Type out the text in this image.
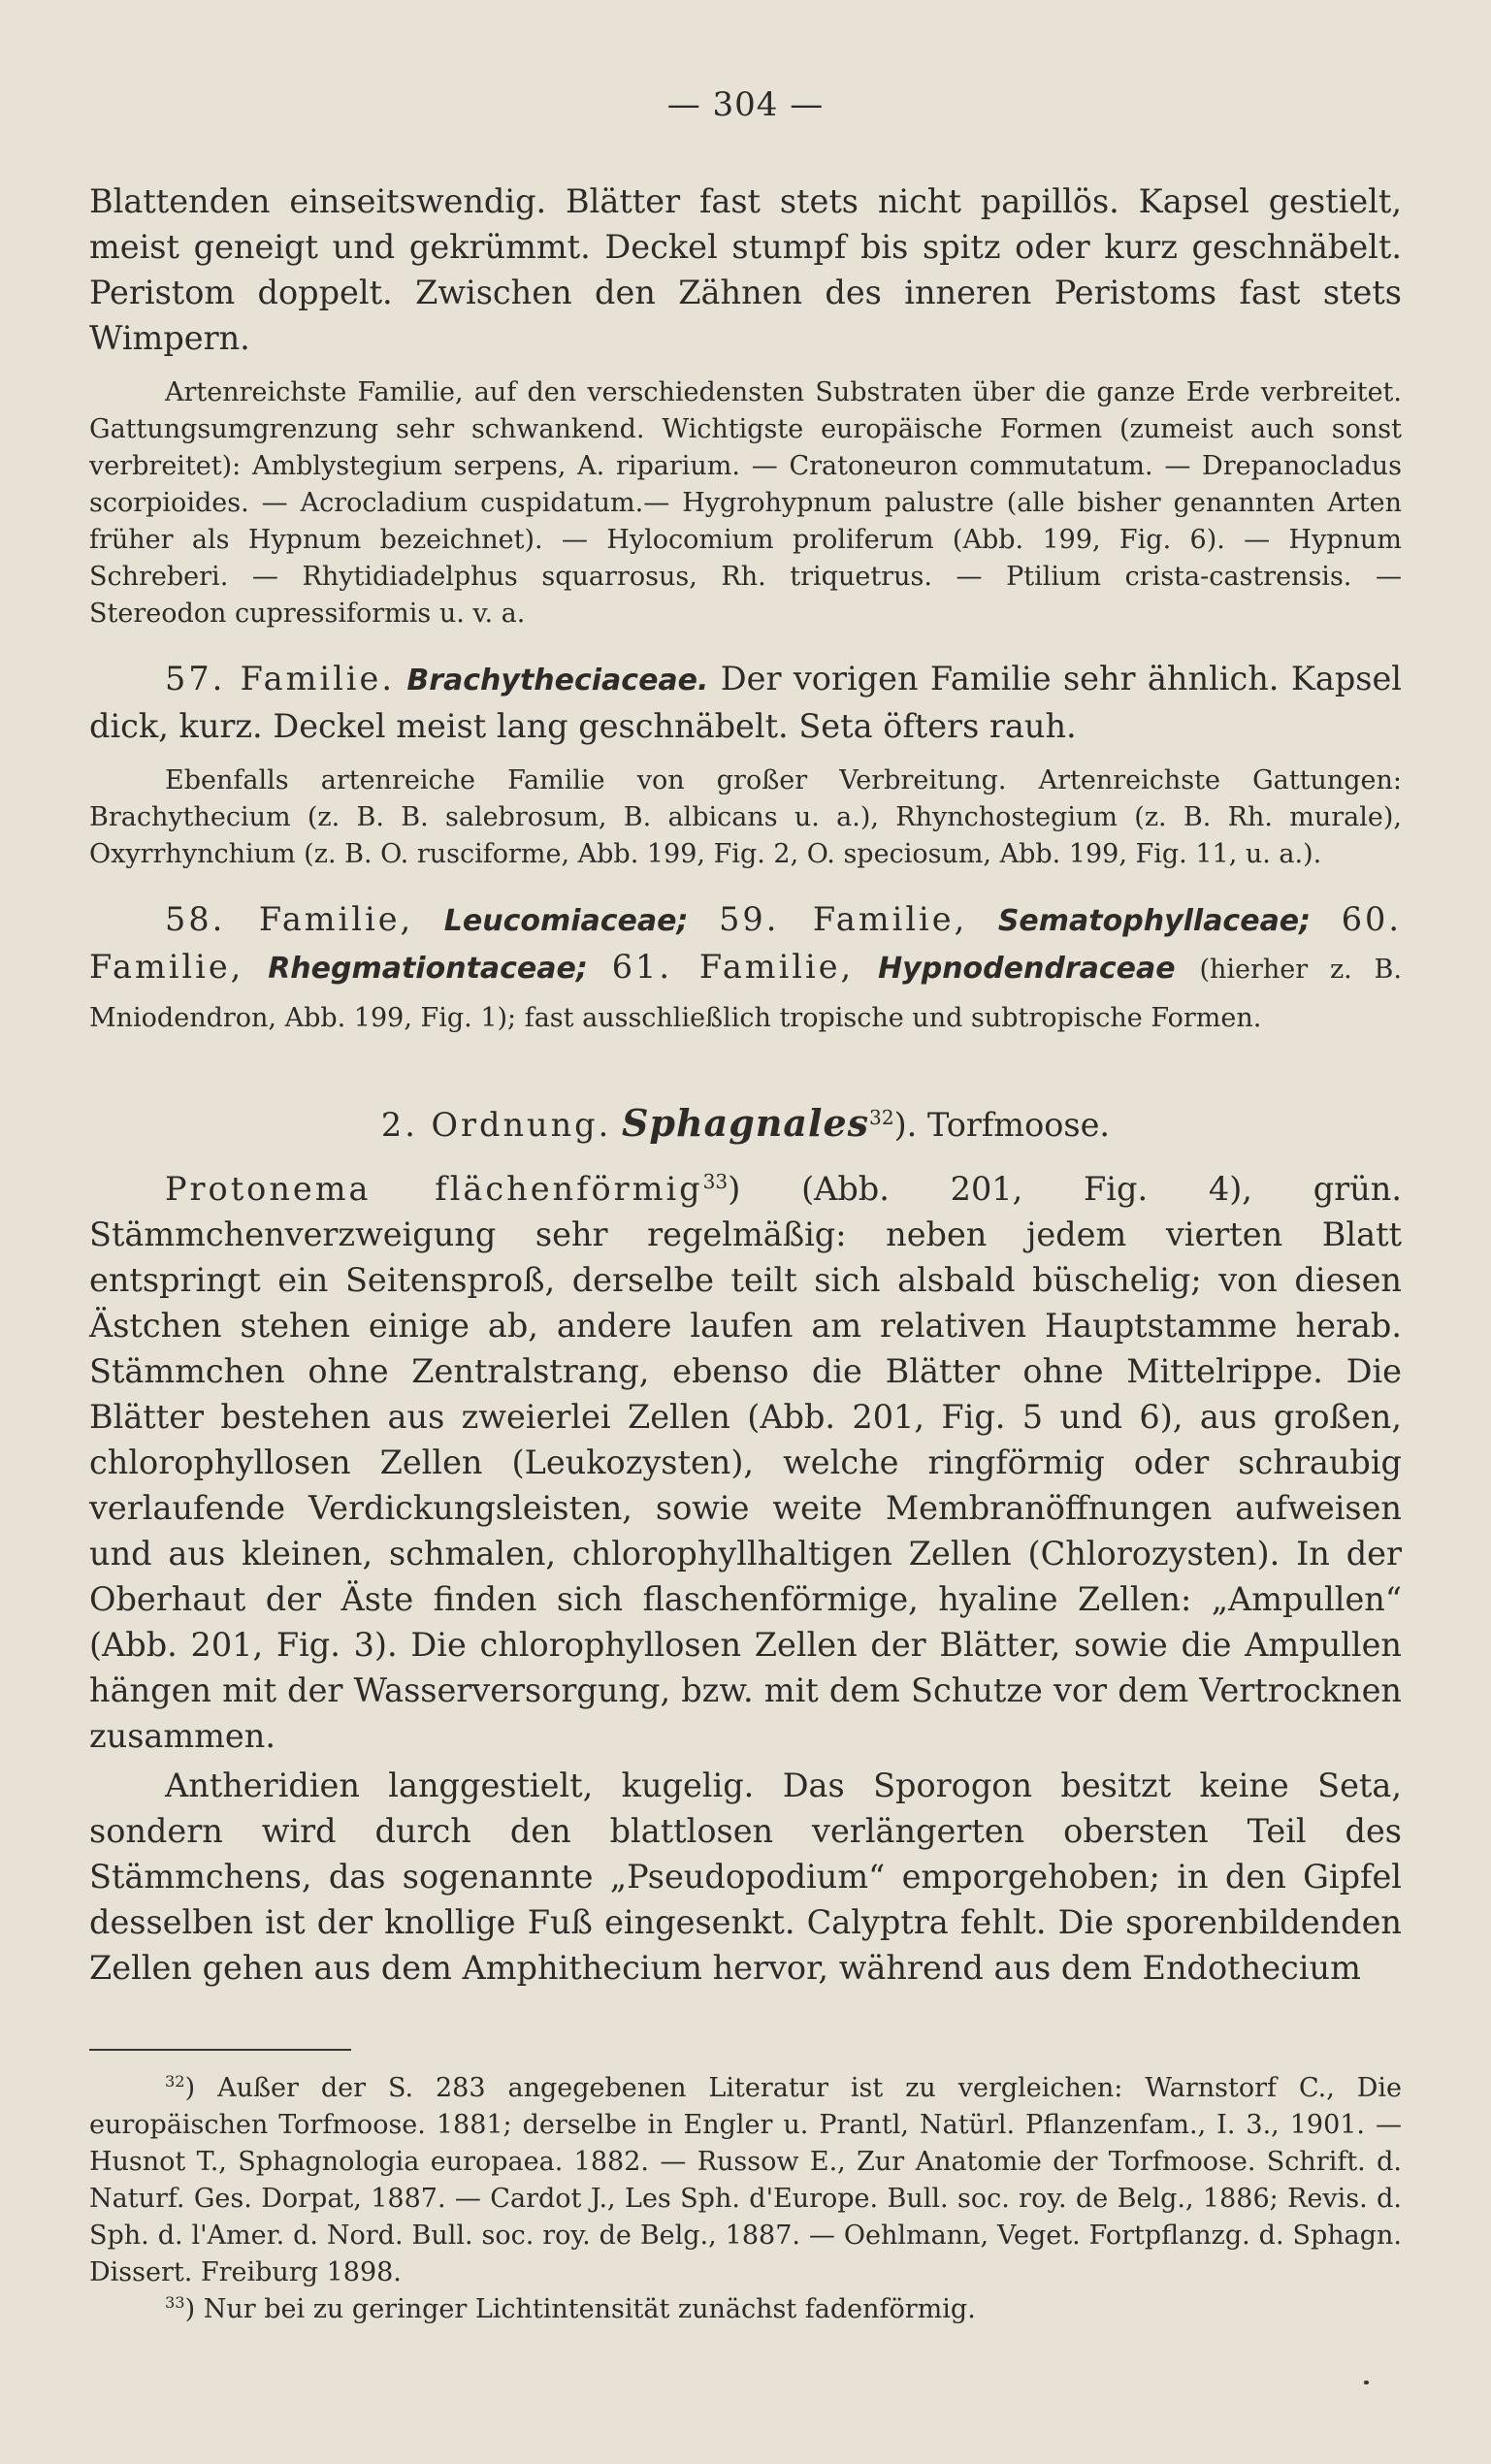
— 304 —

Blattenden einseitswendig. Blätter fast stets nicht papillös. Kapsel gestielt, meist geneigt und gekrümmt. Deckel stumpf bis spitz oder kurz geschnäbelt. Peristom doppelt. Zwischen den Zähnen des inneren Peristoms fast stets Wimpern.

Artenreichste Familie, auf den verschiedensten Substraten über die ganze Erde verbreitet. Gattungsumgrenzung sehr schwankend. Wichtigste europäische Formen (zumeist auch sonst verbreitet): Amblystegium serpens, A. riparium. — Cratoneuron commutatum. — Drepanocladus scorpioides. — Acrocladium cuspidatum.— Hygrohypnum palustre (alle bisher genannten Arten früher als Hypnum bezeichnet). — Hylocomium proliferum (Abb. 199, Fig. 6). — Hypnum Schreberi. — Rhytidiadelphus squarrosus, Rh. triquetrus. — Ptilium crista-castrensis. — Stereodon cupressiformis u. v. a.

57. Familie. Brachytheciaceae. Der vorigen Familie sehr ähnlich. Kapsel dick, kurz. Deckel meist lang geschnäbelt. Seta öfters rauh.

Ebenfalls artenreiche Familie von großer Verbreitung. Artenreichste Gattungen: Brachythecium (z. B. B. salebrosum, B. albicans u. a.), Rhynchostegium (z. B. Rh. murale), Oxyrrhynchium (z. B. O. rusciforme, Abb. 199, Fig. 2, O. speciosum, Abb. 199, Fig. 11, u. a.).

58. Familie, Leucomiaceae; 59. Familie, Sematophyllaceae; 60. Familie, Rhegmationtaceae; 61. Familie, Hypnodendraceae (hierher z. B. Mniodendron, Abb. 199, Fig. 1); fast ausschließlich tropische und subtropische Formen.

2. Ordnung. Sphagnales$^{32}$). Torfmoose.

Protonema flächenförmig$^{33}$) (Abb. 201, Fig. 4), grün. Stämmchenverzweigung sehr regelmäßig: neben jedem vierten Blatt entspringt ein Seitensproß, derselbe teilt sich alsbald büschelig; von diesen Ästchen stehen einige ab, andere laufen am relativen Hauptstamme herab. Stämmchen ohne Zentralstrang, ebenso die Blätter ohne Mittelrippe. Die Blätter bestehen aus zweierlei Zellen (Abb. 201, Fig. 5 und 6), aus großen, chlorophyllosen Zellen (Leukozysten), welche ringförmig oder schraubig verlaufende Verdickungsleisten, sowie weite Membranöffnungen aufweisen und aus kleinen, schmalen, chlorophyllhaltigen Zellen (Chlorozysten). In der Oberhaut der Äste finden sich flaschenförmige, hyaline Zellen: „Ampullen“ (Abb. 201, Fig. 3). Die chlorophyllosen Zellen der Blätter, sowie die Ampullen hängen mit der Wasserversorgung, bzw. mit dem Schutze vor dem Vertrocknen zusammen.

Antheridien langgestielt, kugelig. Das Sporogon besitzt keine Seta, sondern wird durch den blattlosen verlängerten obersten Teil des Stämmchens, das sogenannte „Pseudopodium“ emporgehoben; in den Gipfel desselben ist der knollige Fuß eingesenkt. Calyptra fehlt. Die sporenbildenden Zellen gehen aus dem Amphithecium hervor, während aus dem Endothecium

$^{32}$) Außer der S. 283 angegebenen Literatur ist zu vergleichen: Warnstorf C., Die europäischen Torfmoose. 1881; derselbe in Engler u. Prantl, Natürl. Pflanzenfam., I. 3., 1901. — Husnot T., Sphagnologia europaea. 1882. — Russow E., Zur Anatomie der Torfmoose. Schrift. d. Naturf. Ges. Dorpat, 1887. — Cardot J., Les Sph. d'Europe. Bull. soc. roy. de Belg., 1886; Revis. d. Sph. d. l'Amer. d. Nord. Bull. soc. roy. de Belg., 1887. — Oehlmann, Veget. Fortpflanzg. d. Sphagn. Dissert. Freiburg 1898.

$^{33}$) Nur bei zu geringer Lichtintensität zunächst fadenförmig.
